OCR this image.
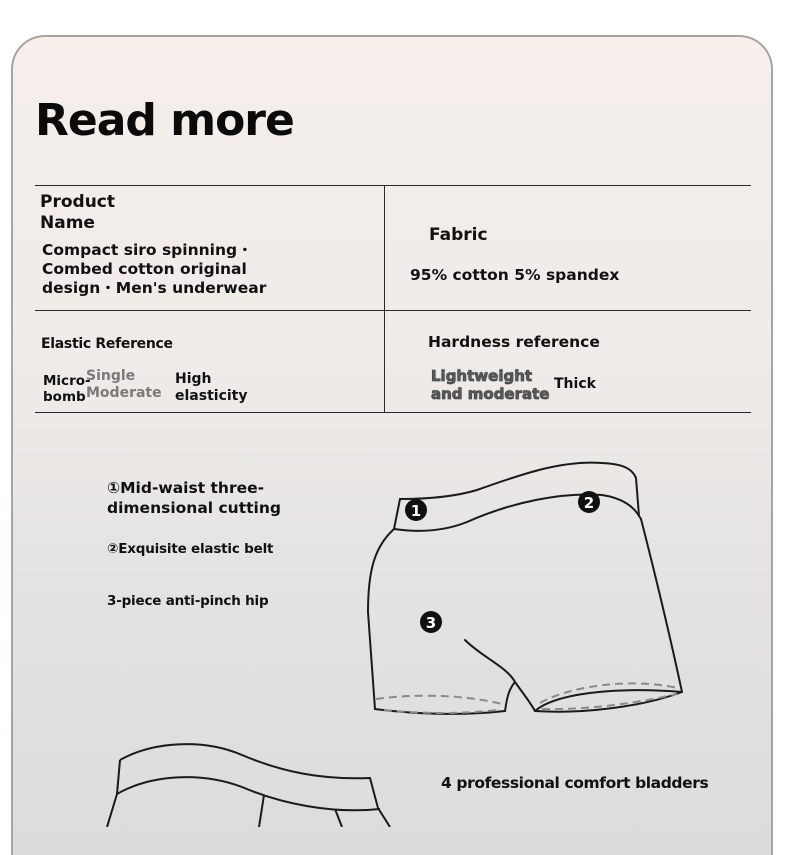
Read more
Product
Name
Compact siro spinning・
Combed cotton original
design・Men's underwear
Fabric
95% cotton 5% spandex
Elastic Reference
Micro-
bomb
Single
Moderate
High
elasticity
Hardness reference
Lightweight
and moderate
Thick
①Mid-waist three-
dimensional cutting
②Exquisite elastic belt
3-piece anti-pinch hip
4 professional comfort bladders
1	2
3
